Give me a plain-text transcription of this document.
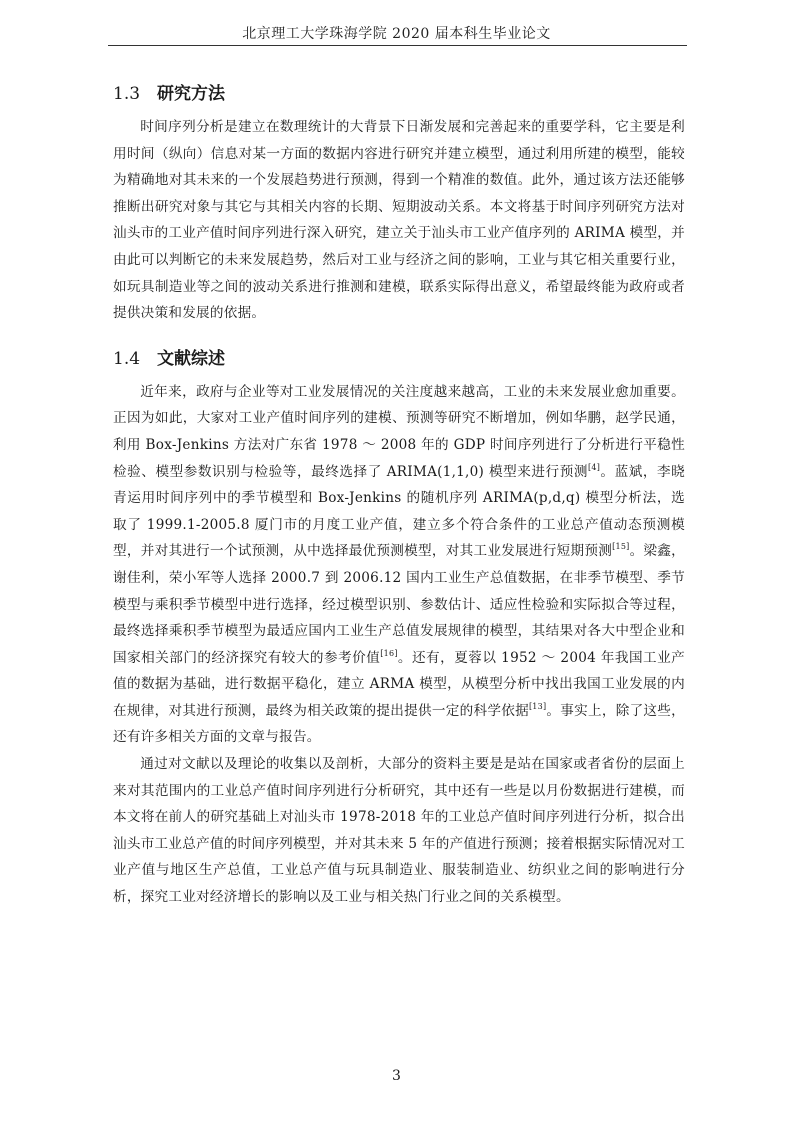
北京理工大学珠海学院 2020 届本科生毕业论文
1.3 研究方法

时间序列分析是建立在数理统计的大背景下日渐发展和完善起来的重要学科，它主要是利用时间（纵向）信息对某一方面的数据内容进行研究并建立模型，通过利用所建的模型，能较为精确地对其未来的一个发展趋势进行预测，得到一个精准的数值。此外，通过该方法还能够推断出研究对象与其它与其相关内容的长期、短期波动关系。本文将基于时间序列研究方法对汕头市的工业产值时间序列进行深入研究，建立关于汕头市工业产值序列的 ARIMA 模型，并由此可以判断它的未来发展趋势，然后对工业与经济之间的影响，工业与其它相关重要行业，如玩具制造业等之间的波动关系进行推测和建模，联系实际得出意义，希望最终能为政府或者提供决策和发展的依据。

1.4 文献综述

近年来，政府与企业等对工业发展情况的关注度越来越高，工业的未来发展业愈加重要。正因为如此，大家对工业产值时间序列的建模、预测等研究不断增加，例如华鹏，赵学民通，利用 Box-Jenkins 方法对广东省 1978 ～ 2008 年的 GDP 时间序列进行了分析进行平稳性检验、模型参数识别与检验等，最终选择了 ARIMA(1,1,0) 模型来进行预测[4]。蓝斌，李晓青运用时间序列中的季节模型和 Box-Jenkins 的随机序列 ARIMA(p,d,q) 模型分析法，选取了 1999.1-2005.8 厦门市的月度工业产值，建立多个符合条件的工业总产值动态预测模型，并对其进行一个试预测，从中选择最优预测模型，对其工业发展进行短期预测[15]。梁鑫，谢佳利，荣小军等人选择 2000.7 到 2006.12 国内工业生产总值数据，在非季节模型、季节模型与乘积季节模型中进行选择，经过模型识别、参数估计、适应性检验和实际拟合等过程，最终选择乘积季节模型为最适应国内工业生产总值发展规律的模型，其结果对各大中型企业和国家相关部门的经济探究有较大的参考价值[16]。还有，夏蓉以 1952 ～ 2004 年我国工业产值的数据为基础，进行数据平稳化，建立 ARMA 模型，从模型分析中找出我国工业发展的内在规律，对其进行预测，最终为相关政策的提出提供一定的科学依据[13]。事实上，除了这些，还有许多相关方面的文章与报告。

通过对文献以及理论的收集以及剖析，大部分的资料主要是是站在国家或者省份的层面上来对其范围内的工业总产值时间序列进行分析研究，其中还有一些是以月份数据进行建模，而本文将在前人的研究基础上对汕头市 1978-2018 年的工业总产值时间序列进行分析，拟合出汕头市工业总产值的时间序列模型，并对其未来 5 年的产值进行预测；接着根据实际情况对工业产值与地区生产总值，工业总产值与玩具制造业、服装制造业、纺织业之间的影响进行分析，探究工业对经济增长的影响以及工业与相关热门行业之间的关系模型。

3
